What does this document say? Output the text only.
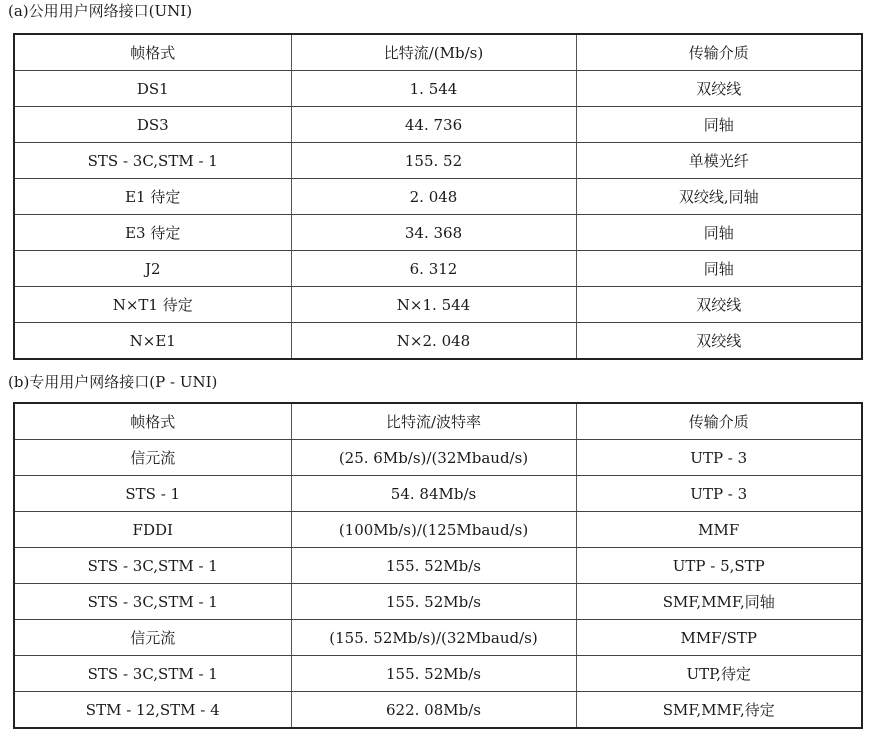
(a)公用用户网络接口(UNI)
帧格式	比特流/(Mb/s)	传输介质
DS1	1. 544	双绞线
DS3	44. 736	同轴
STS - 3C,STM - 1	155. 52	单模光纤
E1 待定	2. 048	双绞线,同轴
E3 待定	34. 368	同轴
J2	6. 312	同轴
N×T1 待定	N×1. 544	双绞线
N×E1	N×2. 048	双绞线
(b)专用用户网络接口(P - UNI)
帧格式	比特流/波特率	传输介质
信元流	(25. 6Mb/s)/(32Mbaud/s)	UTP - 3
STS - 1	54. 84Mb/s	UTP - 3
FDDI	(100Mb/s)/(125Mbaud/s)	MMF
STS - 3C,STM - 1	155. 52Mb/s	UTP - 5,STP
STS - 3C,STM - 1	155. 52Mb/s	SMF,MMF,同轴
信元流	(155. 52Mb/s)/(32Mbaud/s)	MMF/STP
STS - 3C,STM - 1	155. 52Mb/s	UTP,待定
STM - 12,STM - 4	622. 08Mb/s	SMF,MMF,待定
